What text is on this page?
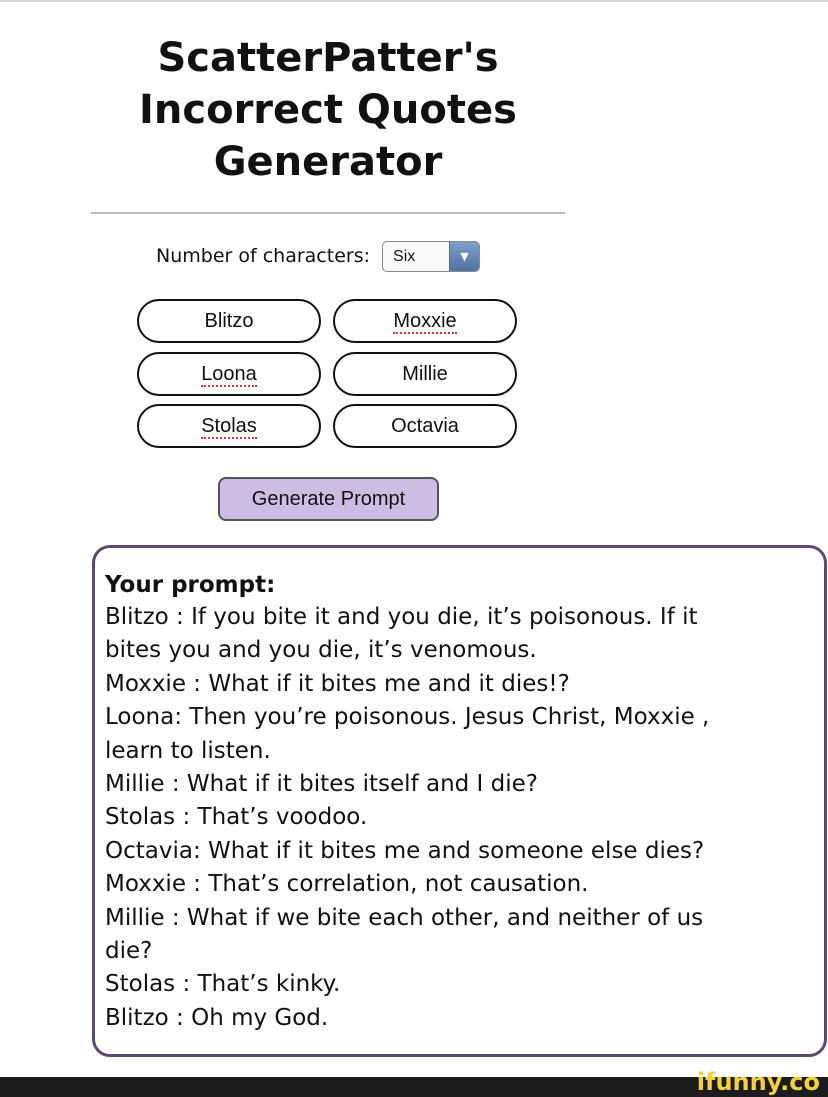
ScatterPatter's
Incorrect Quotes
Generator
Number of characters:	Six	▼
Blitzo	Moxxie
Loona	Millie
Stolas	Octavia
Generate Prompt
Your prompt:
Blitzo : If you bite it and you die, it’s poisonous. If it
bites you and you die, it’s venomous.
Moxxie : What if it bites me and it dies!?
Loona: Then you’re poisonous. Jesus Christ, Moxxie ,
learn to listen.
Millie : What if it bites itself and I die?
Stolas : That’s voodoo.
Octavia: What if it bites me and someone else dies?
Moxxie : That’s correlation, not causation.
Millie : What if we bite each other, and neither of us
die?
Stolas : That’s kinky.
Blitzo : Oh my God.
ifunny.co
